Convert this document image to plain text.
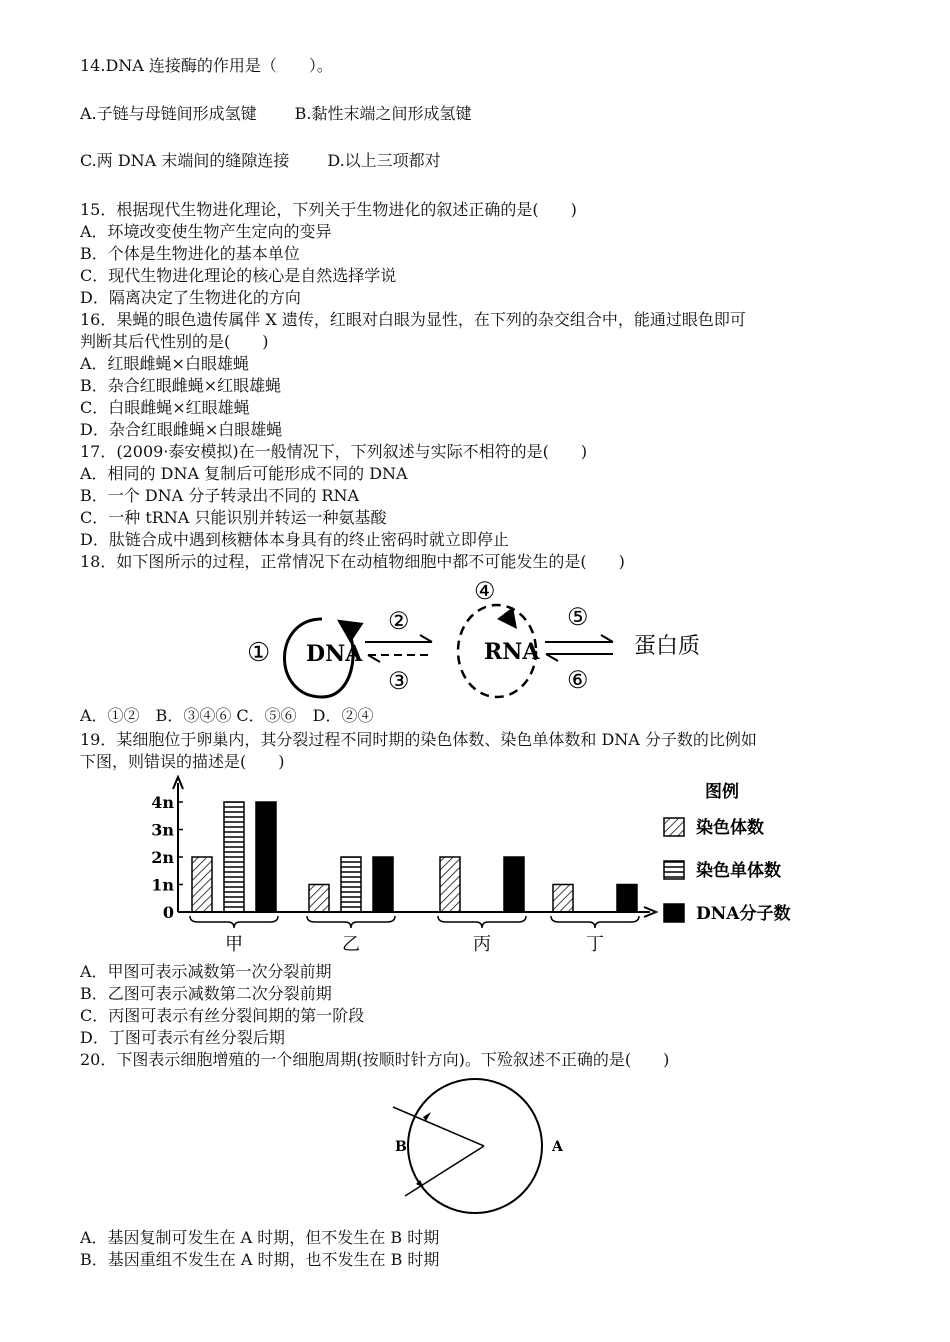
14.DNA 连接酶的作用是（　　）。
A.子链与母链间形成氢键 B.黏性末端之间形成氢键
C.两 DNA 末端间的缝隙连接 D.以上三项都对
15．根据现代生物进化理论，下列关于生物进化的叙述正确的是(　　)
A．环境改变使生物产生定向的变异
B．个体是生物进化的基本单位
C．现代生物进化理论的核心是自然选择学说
D．隔离决定了生物进化的方向
16．果蝇的眼色遗传属伴 X 遗传，红眼对白眼为显性，在下列的杂交组合中，能通过眼色即可
判断其后代性别的是(　　)
A．红眼雌蝇×白眼雄蝇
B．杂合红眼雌蝇×红眼雄蝇
C．白眼雌蝇×红眼雄蝇
D．杂合红眼雌蝇×白眼雄蝇
17．(2009·泰安模拟)在一般情况下，下列叙述与实际不相符的是(　　)
A．相同的 DNA 复制后可能形成不同的 DNA
B．一个 DNA 分子转录出不同的 RNA
C．一种 tRNA 只能识别并转运一种氨基酸
D．肽链合成中遇到核糖体本身具有的终止密码时就立即停止
18．如下图所示的过程，正常情况下在动植物细胞中都不可能发生的是(　　)
① DNA
②
③
④
RNA
⑤
⑥
蛋白质
A．①②　B．③④⑥ C．⑤⑥　D．②④
19．某细胞位于卵巢内，其分裂过程不同时期的染色体数、染色单体数和 DNA 分子数的比例如
下图，则错误的描述是(　　)
0
1n
2n
3n
4n
甲	乙	丙	丁
图例
染色体数
染色单体数
DNA分子数
A．甲图可表示减数第一次分裂前期
B．乙图可表示减数第二次分裂前期
C．丙图可表示有丝分裂间期的第一阶段
D．丁图可表示有丝分裂后期
20．下图表示细胞增殖的一个细胞周期(按顺时针方向)。下殓叙述不正确的是(　　)
B	A
A．基因复制可发生在 A 时期，但不发生在 B 时期
B．基因重组不发生在 A 时期，也不发生在 B 时期
